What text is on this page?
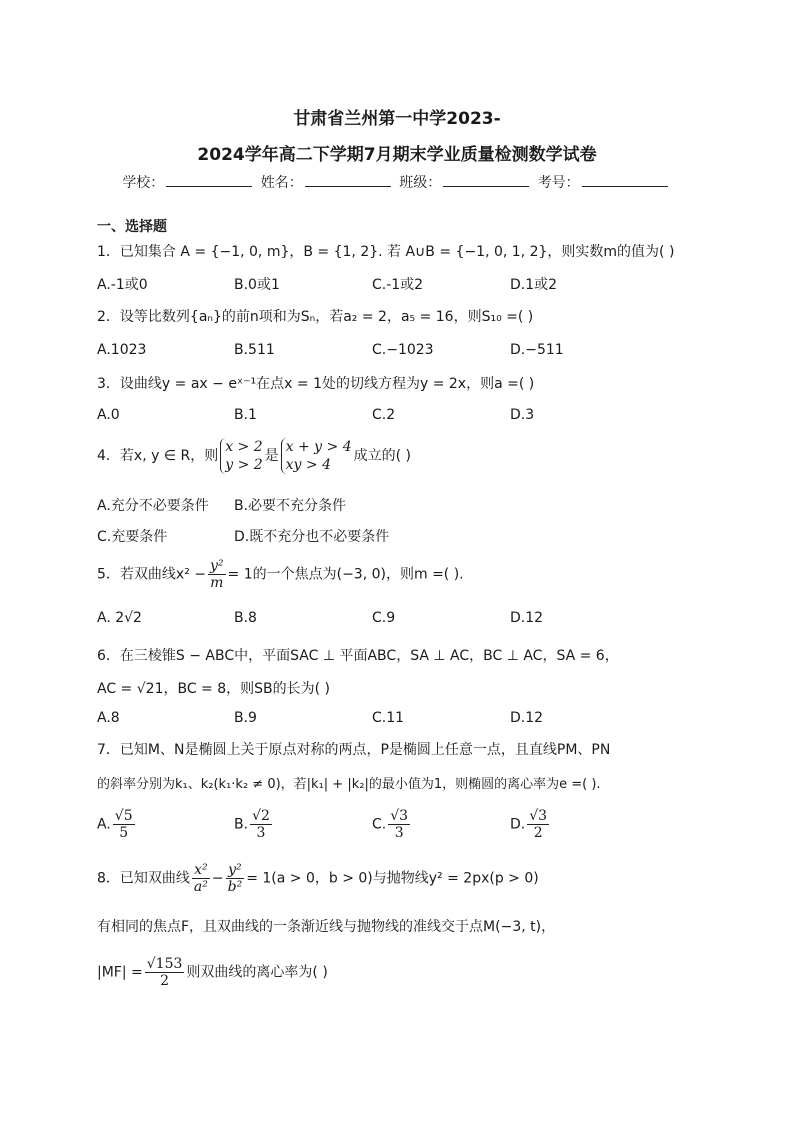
甘肃省兰州第一中学2023-
2024学年高二下学期7月期末学业质量检测数学试卷
学校：	姓名：	班级：	考号：
一、选择题
1．已知集合 A = {−1, 0, m}，B = {1, 2}. 若 A∪B = {−1, 0, 1, 2}，则实数m的值为( )
A.-1或0	B.0或1	C.-1或2	D.1或2
2．设等比数列{aₙ}的前n项和为Sₙ，若a₂ = 2，a₅ = 16，则S₁₀ =( )
A.1023	B.511	C.−1023	D.−511
3．设曲线y = ax − eˣ⁻¹在点x = 1处的切线方程为y = 2x，则a =( )
A.0	B.1	C.2	D.3
4．若x, y ∈ R，则
x > 2
y > 2
是
x + y > 4
xy > 4
成立的( )
A.充分不必要条件 B.必要不充分条件
C.充要条件	D.既不充分也不必要条件
5．若双曲线$x^2 - \frac{\text{y²}}{m} = 1$的一个焦点为(−3, 0)，则m =( ).
A. 2√2	B.8	C.9	D.12
6．在三棱锥S − ABC中，平面SAC ⊥ 平面ABC，SA ⊥ AC，BC ⊥ AC，SA = 6，
AC = √21，BC = 8，则SB的长为( )
A.8	B.9	C.11	D.12
7．已知M、N是椭圆上关于原点对称的两点，P是椭圆上任意一点，且直线PM、PN
的斜率分别为k₁、k₂(k₁·k₂ ≠ 0)，若|k₁| + |k₂|的最小值为1，则椭圆的离心率为e =( ).
A. $\frac{√5}{5}$	B. $\frac{√2}{3}$	C. $\frac{√3}{3}$	D. $\frac{√3}{2}$
8．已知双曲线 $\frac{\text{x²}}{\text{a²}} - \frac{\text{y²}}{\text{b²}} = 1(a > 0$，b > 0)与抛物线y² = 2px(p > 0)
有相同的焦点F，且双曲线的一条渐近线与抛物线的准线交于点M(−3, t)，
$|MF| = \frac{√153}{2}$ 则双曲线的离心率为( )
